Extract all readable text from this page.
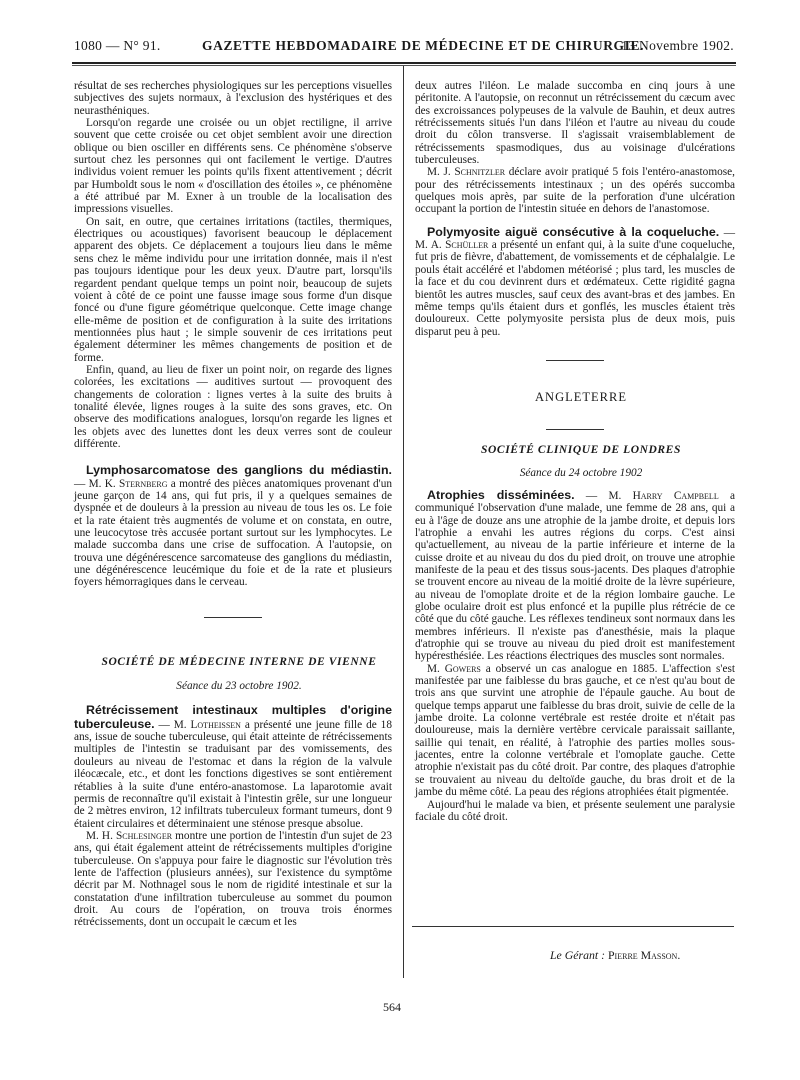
1080 — N° 91.	GAZETTE HEBDOMADAIRE DE MÉDECINE ET DE CHIRURGIE.
13 Novembre 1902.

résultat de ses recherches physiologiques sur les perceptions visuelles subjectives des sujets normaux, à l'exclusion des hystériques et des neurasthéniques.

Lorsqu'on regarde une croisée ou un objet rectiligne, il arrive souvent que cette croisée ou cet objet semblent avoir une direction oblique ou bien osciller en différents sens. Ce phénomène s'observe surtout chez les personnes qui ont facilement le vertige. D'autres individus voient remuer les points qu'ils fixent attentivement ; décrit par Humboldt sous le nom « d'oscillation des étoiles », ce phénomène a été attribué par M. Exner à un trouble de la localisation des impressions visuelles.

On sait, en outre, que certaines irritations (tactiles, thermiques, électriques ou acoustiques) favorisent beaucoup le déplacement apparent des objets. Ce déplacement a toujours lieu dans le même sens chez le même individu pour une irritation donnée, mais il n'est pas toujours identique pour les deux yeux. D'autre part, lorsqu'ils regardent pendant quelque temps un point noir, beaucoup de sujets voient à côté de ce point une fausse image sous forme d'un disque foncé ou d'une figure géométrique quelconque. Cette image change elle-même de position et de configuration à la suite des irritations mentionnées plus haut ; le simple souvenir de ces irritations peut également déterminer les mêmes changements de position et de forme.

Enfin, quand, au lieu de fixer un point noir, on regarde des lignes colorées, les excitations — auditives surtout — provoquent des changements de coloration : lignes vertes à la suite des bruits à tonalité élevée, lignes rouges à la suite des sons graves, etc. On observe des modifications analogues, lorsqu'on regarde les lignes et les objets avec des lunettes dont les deux verres sont de couleur différente.

Lymphosarcomatose des ganglions du médiastin. — M. K. Sternberg a montré des pièces anatomiques provenant d'un jeune garçon de 14 ans, qui fut pris, il y a quelques semaines de dyspnée et de douleurs à la pression au niveau de tous les os. Le foie et la rate étaient très augmentés de volume et on constata, en outre, une leucocytose très accusée portant surtout sur les lymphocytes. Le malade succomba dans une crise de suffocation. A l'autopsie, on trouva une dégénérescence sarcomateuse des ganglions du médiastin, une dégénérescence leucémique du foie et de la rate et plusieurs foyers hémorragiques dans le cerveau.

SOCIÉTÉ DE MÉDECINE INTERNE DE VIENNE

Séance du 23 octobre 1902.

Rétrécissement intestinaux multiples d'origine tuberculeuse. — M. Lotheissen a présenté une jeune fille de 18 ans, issue de souche tuberculeuse, qui était atteinte de rétrécissements multiples de l'intestin se traduisant par des vomissements, des douleurs au niveau de l'estomac et dans la région de la valvule iléocæcale, etc., et dont les fonctions digestives se sont entièrement rétablies à la suite d'une entéro-anastomose. La laparotomie avait permis de reconnaître qu'il existait à l'intestin grêle, sur une longueur de 2 mètres environ, 12 infiltrats tuberculeux formant tumeurs, dont 9 étaient circulaires et déterminaient une sténose presque absolue.

M. H. Schlesinger montre une portion de l'intestin d'un sujet de 23 ans, qui était également atteint de rétrécissements multiples d'origine tuberculeuse. On s'appuya pour faire le diagnostic sur l'évolution très lente de l'affection (plusieurs années), sur l'existence du symptôme décrit par M. Nothnagel sous le nom de rigidité intestinale et sur la constatation d'une infiltration tuberculeuse au sommet du poumon droit. Au cours de l'opération, on trouva trois énormes rétrécissements, dont un occupait le cæcum et les

deux autres l'iléon. Le malade succomba en cinq jours à une péritonite. A l'autopsie, on reconnut un rétrécissement du cæcum avec des excroissances polypeuses de la valvule de Bauhin, et deux autres rétrécissements situés l'un dans l'iléon et l'autre au niveau du coude droit du côlon transverse. Il s'agissait vraisemblablement de rétrécissements spasmodiques, dus au voisinage d'ulcérations tuberculeuses.

M. J. Schnitzler déclare avoir pratiqué 5 fois l'entéro-anastomose, pour des rétrécissements intestinaux ; un des opérés succomba quelques mois après, par suite de la perforation d'une ulcération occupant la portion de l'intestin située en dehors de l'anastomose.

Polymyosite aiguë consécutive à la coqueluche. — M. A. Schüller a présenté un enfant qui, à la suite d'une coqueluche, fut pris de fièvre, d'abattement, de vomissements et de céphalalgie. Le pouls était accéléré et l'abdomen météorisé ; plus tard, les muscles de la face et du cou devinrent durs et œdémateux. Cette rigidité gagna bientôt les autres muscles, sauf ceux des avant-bras et des jambes. En même temps qu'ils étaient durs et gonflés, les muscles étaient très douloureux. Cette polymyosite persista plus de deux mois, puis disparut peu à peu.

ANGLETERRE

SOCIÉTÉ CLINIQUE DE LONDRES

Séance du 24 octobre 1902

Atrophies disséminées. — M. Harry Campbell a communiqué l'observation d'une malade, une femme de 28 ans, qui a eu à l'âge de douze ans une atrophie de la jambe droite, et depuis lors l'atrophie a envahi les autres régions du corps. C'est ainsi qu'actuellement, au niveau de la partie inférieure et interne de la cuisse droite et au niveau du dos du pied droit, on trouve une atrophie manifeste de la peau et des tissus sous-jacents. Des plaques d'atrophie se trouvent encore au niveau de la moitié droite de la lèvre supérieure, au niveau de l'omoplate droite et de la région lombaire gauche. Le globe oculaire droit est plus enfoncé et la pupille plus rétrécie de ce côté que du côté gauche. Les réflexes tendineux sont normaux dans les membres inférieurs. Il n'existe pas d'anesthésie, mais la plaque d'atrophie qui se trouve au niveau du pied droit est manifestement hypéresthésiée. Les réactions électriques des muscles sont normales.

M. Gowers a observé un cas analogue en 1885. L'affection s'est manifestée par une faiblesse du bras gauche, et ce n'est qu'au bout de trois ans que survint une atrophie de l'épaule gauche. Au bout de quelque temps apparut une faiblesse du bras droit, suivie de celle de la jambe droite. La colonne vertébrale est restée droite et n'était pas douloureuse, mais la dernière vertèbre cervicale paraissait saillante, saillie qui tenait, en réalité, à l'atrophie des parties molles sous-jacentes, entre la colonne vertébrale et l'omoplate gauche. Cette atrophie n'existait pas du côté droit. Par contre, des plaques d'atrophie se trouvaient au niveau du deltoïde gauche, du bras droit et de la jambe du même côté. La peau des régions atrophiées était pigmentée.

Aujourd'hui le malade va bien, et présente seulement une paralysie faciale du côté droit.

Le Gérant : Pierre Masson.
564
